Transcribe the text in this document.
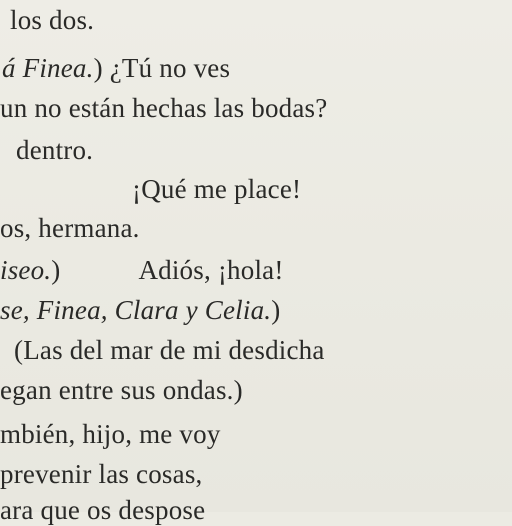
los dos.
á Finea.) ¿Tú no ves
un no están hechas las bodas?
dentro.
¡Qué me place!
os, hermana.
iseo.)	Adiós, ¡hola!
se, Finea, Clara y Celia.)
(Las del mar de mi desdicha
egan entre sus ondas.)
mbién, hijo, me voy
prevenir las cosas,
ara que os despose
